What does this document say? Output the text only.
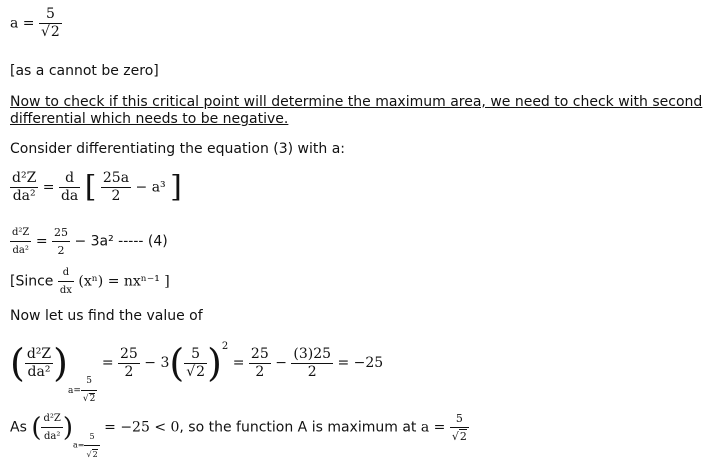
$a = \frac{5}{√2}$
[as a cannot be zero]
Now to check if this critical point will determine the maximum area, we need to check with second
differential which needs to be negative.
Consider differentiating the equation (3) with a:
$\frac{\text{d²Z}}{\text{da²}} = \frac{d}{da}$ [ $\frac{25a}{2} - a^3$ ]
$\frac{\text{d²Z}}{\text{da²}} = \frac{25}{2} - 3a^2$ ----- (4)
[Since $\frac{d}{dx} (x^n) = nx^{n-1}$ ]
Now let us find the value of
( $\frac{\text{d²Z}}{\text{da²}} )a= \frac{5}{√2}$
= $\frac{25}{2} - 3( \frac{5}{√2} )^2 = \frac{25}{2} - \frac{(3)25}{2} = -25$
As ( $\frac{\text{d²Z}}{\text{da²}} )a= \frac{5}{√2}$
= −25 < 0, so the function A is maximum at $a = \frac{5}{√2}$
